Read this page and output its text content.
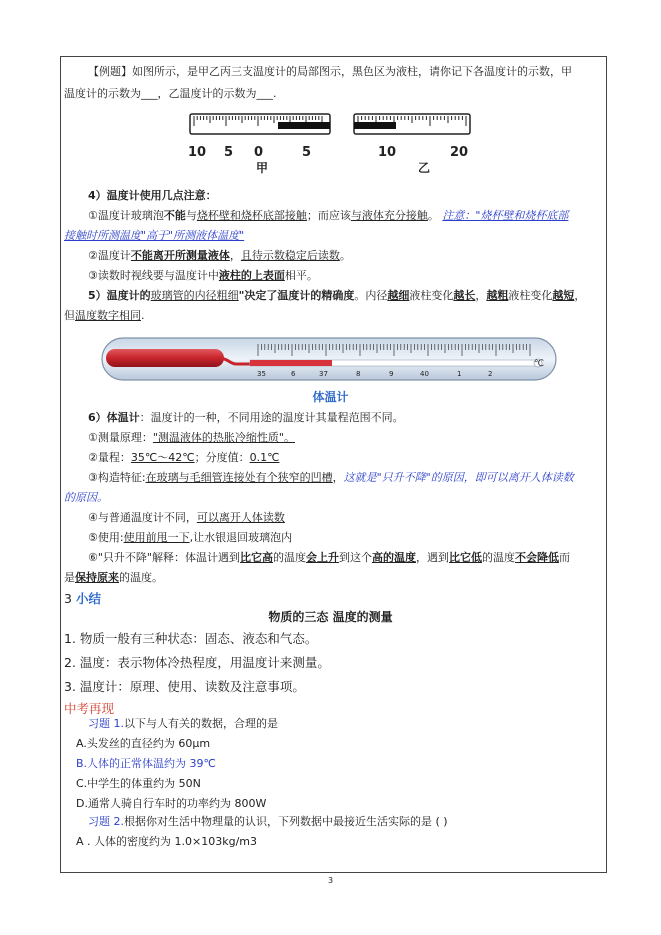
【例题】如图所示，是甲乙丙三支温度计的局部图示，黑色区为液柱，请你记下各温度计的示数，甲
温度计的示数为___，乙温度计的示数为___.
10 5 0	5
甲
10	20
乙
4）温度计使用几点注意：
①温度计玻璃泡不能与烧杯壁和烧杯底部接触；而应该与液体充分接触。 注意："烧杯壁和烧杯底部
接触时所测温度"高于"所测液体温度"
②温度计不能离开所测量液体，且待示数稳定后读数。
③读数时视线要与温度计中液柱的上表面相平。
5）温度计的玻璃管的内径粗细"决定了温度计的精确度。内径越细液柱变化越长，越粗液柱变化越短，
但温度数字相同.
35	6	37	8	9	40	1	2
℃
体温计
6）体温计：温度计的一种，不同用途的温度计其量程范围不同。
①测量原理："测温液体的热胀冷缩性质"。
②量程：35℃～42℃；分度值：0.1℃
③构造特征:在玻璃与毛细管连接处有个狭窄的凹槽，这就是"只升不降"的原因，即可以离开人体读数
的原因。
④与普通温度计不同，可以离开人体读数
⑤使用:使用前甩一下,让水银退回玻璃泡内
⑥"只升不降"解释：体温计遇到比它高的温度会上升到这个高的温度，遇到比它低的温度不会降低而
是保持原来的温度。
3 小结
物质的三态 温度的测量
1. 物质一般有三种状态：固态、液态和气态。
2. 温度：表示物体冷热程度，用温度计来测量。
3. 温度计：原理、使用、读数及注意事项。
中考再现
习题 1.以下与人有关的数据，合理的是
A.头发丝的直径约为 60μm
B.人体的正常体温约为 39℃
C.中学生的体重约为 50N
D.通常人骑自行车时的功率约为 800W
习题 2.根据你对生活中物理量的认识，下列数据中最接近生活实际的是 ( )
A . 人体的密度约为 1.0×103kg/m3
3
